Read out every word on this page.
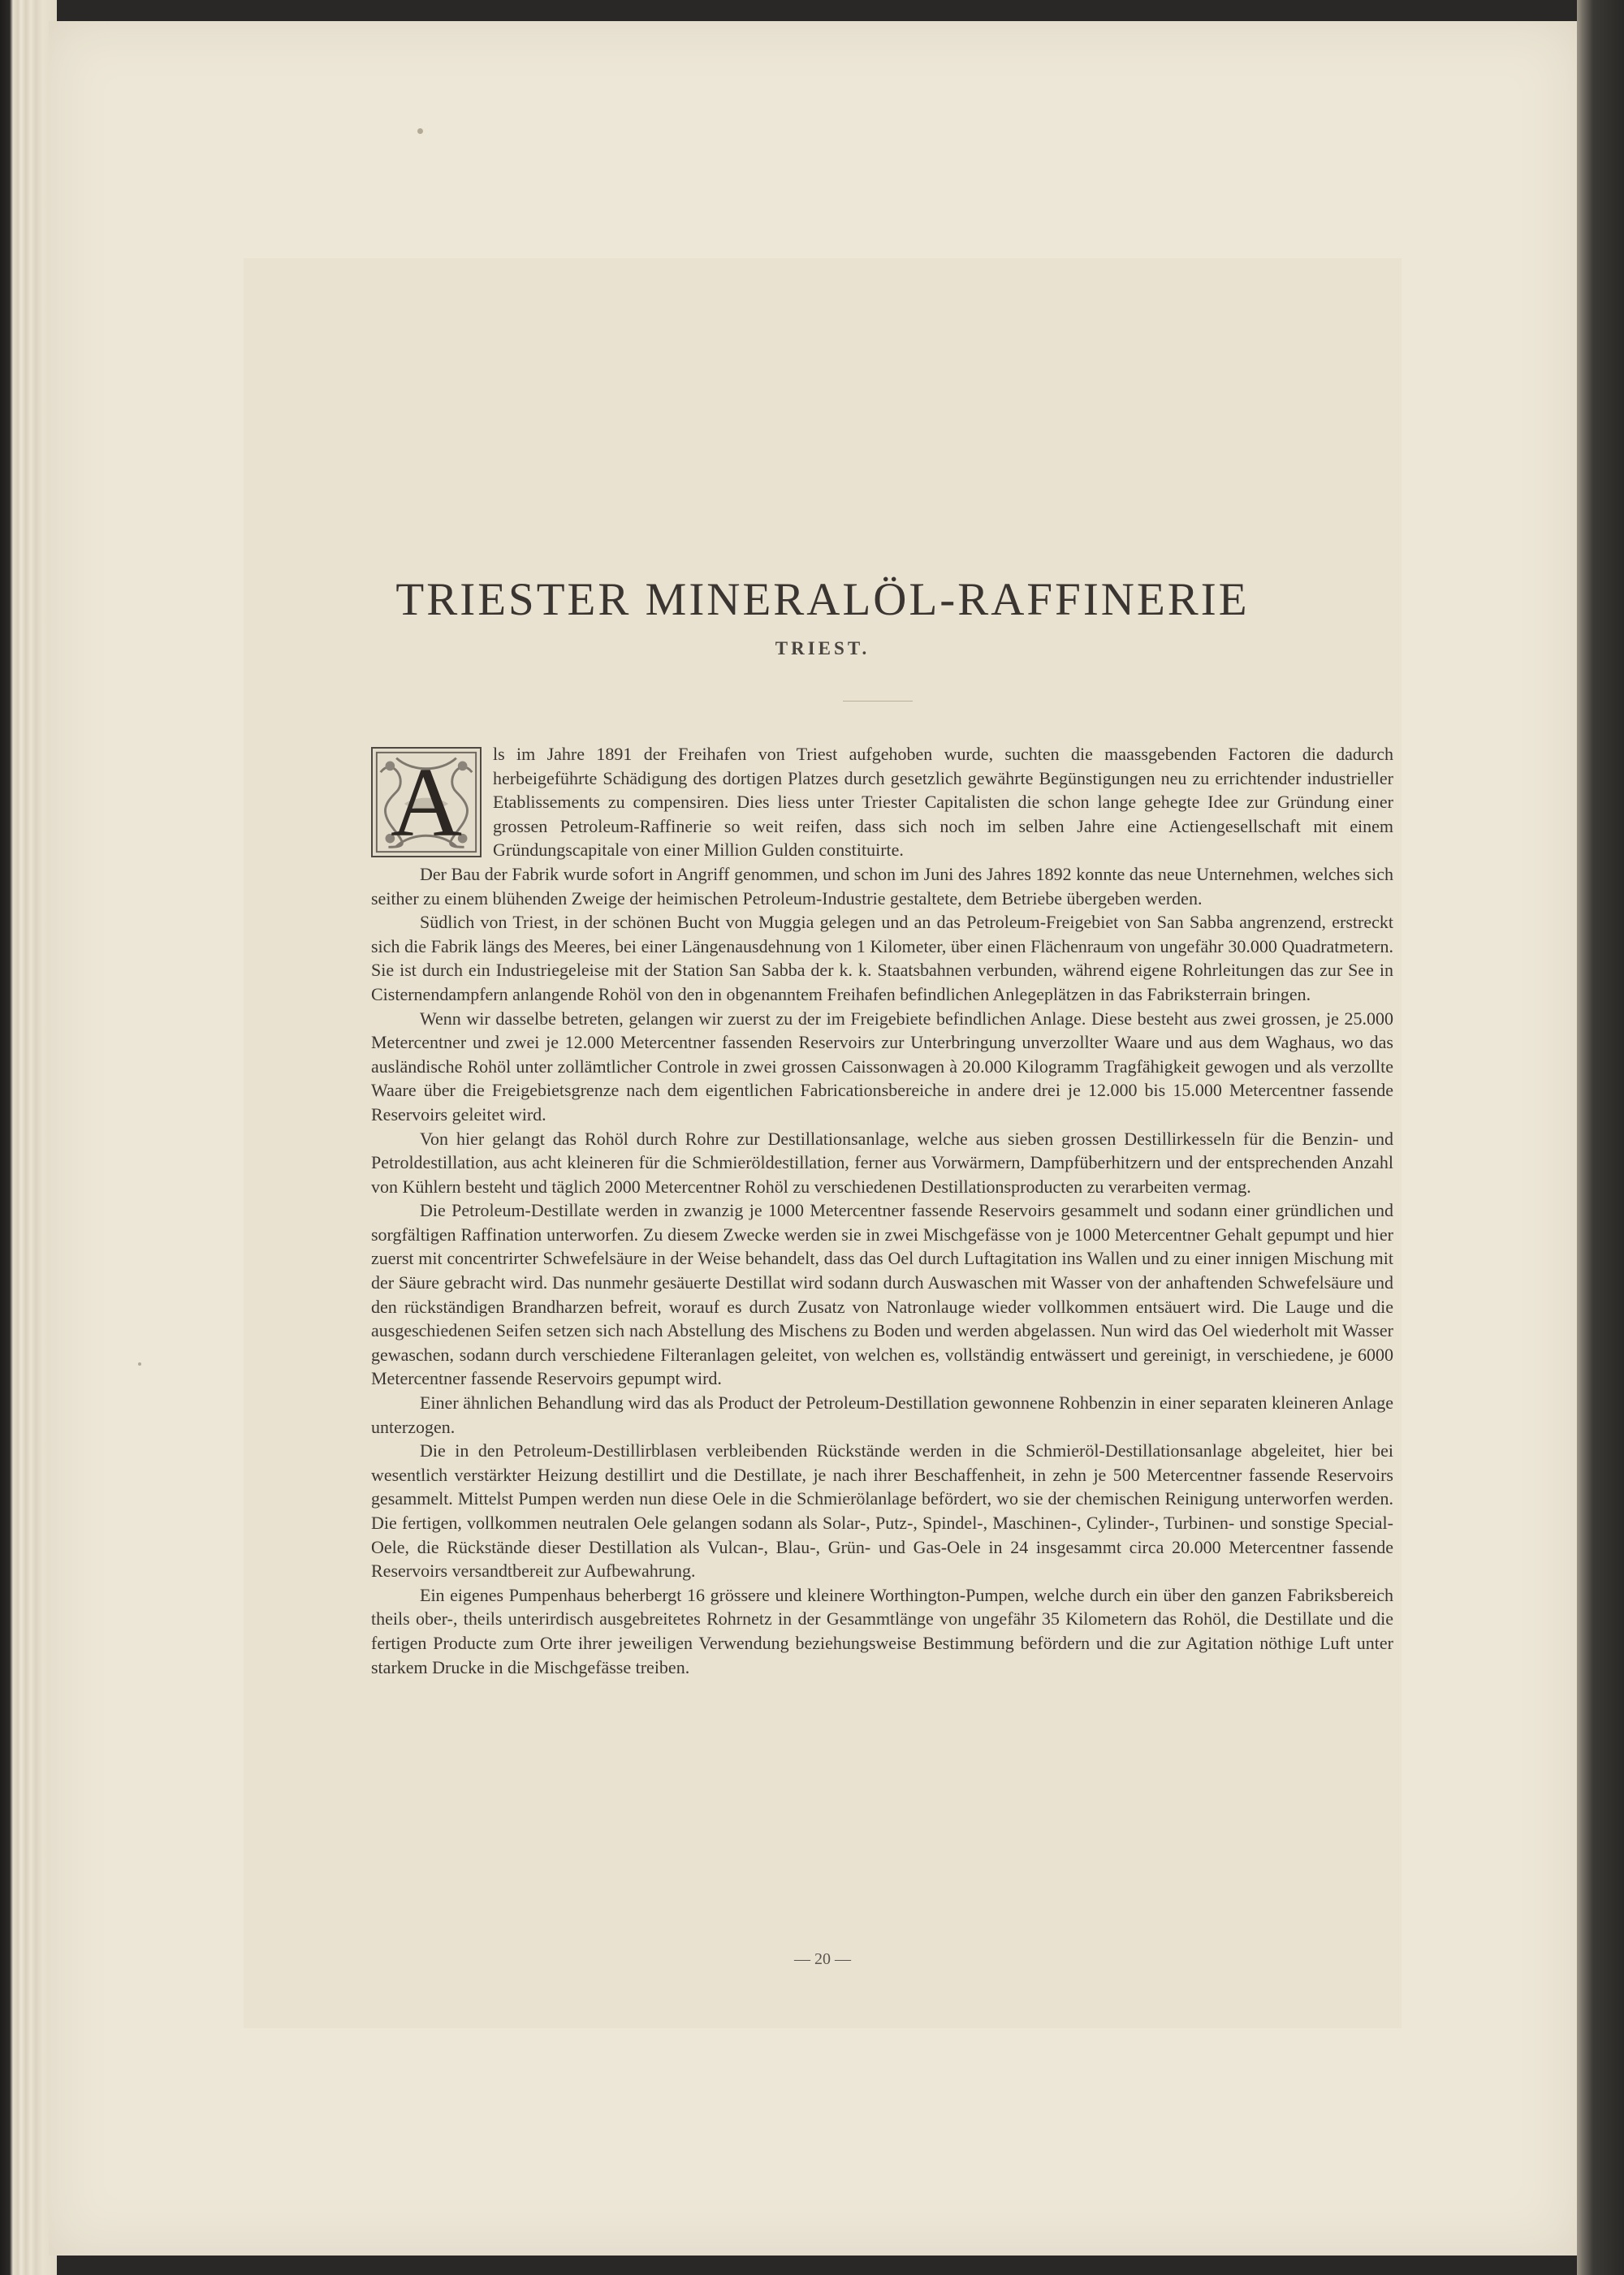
TRIESTER MINERALÖL-RAFFINERIE
TRIEST.

A	ls im Jahre 1891 der Freihafen von Triest aufgehoben wurde, suchten die maassgebenden Factoren die dadurch herbeigeführte Schädigung des dortigen Platzes durch gesetzlich gewährte Begünstigungen neu zu errichtender industrieller Etablissements zu compensiren. Dies liess unter Triester Capitalisten die schon lange gehegte Idee zur Gründung einer grossen Petroleum-Raffinerie so weit reifen, dass sich noch im selben Jahre eine Actiengesellschaft mit einem Gründungscapitale von einer Million Gulden constituirte.

Der Bau der Fabrik wurde sofort in Angriff genommen, und schon im Juni des Jahres 1892 konnte das neue Unternehmen, welches sich seither zu einem blühenden Zweige der heimischen Petroleum-Industrie gestaltete, dem Betriebe übergeben werden.

Südlich von Triest, in der schönen Bucht von Muggia gelegen und an das Petroleum-Freigebiet von San Sabba angrenzend, erstreckt sich die Fabrik längs des Meeres, bei einer Längenausdehnung von 1 Kilometer, über einen Flächenraum von ungefähr 30.000 Quadratmetern. Sie ist durch ein Industriegeleise mit der Station San Sabba der k. k. Staatsbahnen verbunden, während eigene Rohrleitungen das zur See in Cisternendampfern anlangende Rohöl von den in obgenanntem Freihafen befindlichen Anlegeplätzen in das Fabriksterrain bringen.

Wenn wir dasselbe betreten, gelangen wir zuerst zu der im Freigebiete befindlichen Anlage. Diese besteht aus zwei grossen, je 25.000 Metercentner und zwei je 12.000 Metercentner fassenden Reservoirs zur Unterbringung unverzollter Waare und aus dem Waghaus, wo das ausländische Rohöl unter zollämtlicher Controle in zwei grossen Caissonwagen à 20.000 Kilogramm Tragfähigkeit gewogen und als verzollte Waare über die Freigebietsgrenze nach dem eigentlichen Fabricationsbereiche in andere drei je 12.000 bis 15.000 Metercentner fassende Reservoirs geleitet wird.

Von hier gelangt das Rohöl durch Rohre zur Destillationsanlage, welche aus sieben grossen Destillirkesseln für die Benzin- und Petroldestillation, aus acht kleineren für die Schmieröldestillation, ferner aus Vorwärmern, Dampfüberhitzern und der entsprechenden Anzahl von Kühlern besteht und täglich 2000 Metercentner Rohöl zu verschiedenen Destillationsproducten zu verarbeiten vermag.

Die Petroleum-Destillate werden in zwanzig je 1000 Metercentner fassende Reservoirs gesammelt und sodann einer gründlichen und sorgfältigen Raffination unterworfen. Zu diesem Zwecke werden sie in zwei Mischgefässe von je 1000 Metercentner Gehalt gepumpt und hier zuerst mit concentrirter Schwefelsäure in der Weise behandelt, dass das Oel durch Luftagitation ins Wallen und zu einer innigen Mischung mit der Säure gebracht wird. Das nunmehr gesäuerte Destillat wird sodann durch Auswaschen mit Wasser von der anhaftenden Schwefelsäure und den rückständigen Brandharzen befreit, worauf es durch Zusatz von Natronlauge wieder vollkommen entsäuert wird. Die Lauge und die ausgeschiedenen Seifen setzen sich nach Abstellung des Mischens zu Boden und werden abgelassen. Nun wird das Oel wiederholt mit Wasser gewaschen, sodann durch verschiedene Filteranlagen geleitet, von welchen es, vollständig entwässert und gereinigt, in verschiedene, je 6000 Metercentner fassende Reservoirs gepumpt wird.

Einer ähnlichen Behandlung wird das als Product der Petroleum-Destillation gewonnene Rohbenzin in einer separaten kleineren Anlage unterzogen.

Die in den Petroleum-Destillirblasen verbleibenden Rückstände werden in die Schmieröl-Destillationsanlage abgeleitet, hier bei wesentlich verstärkter Heizung destillirt und die Destillate, je nach ihrer Beschaffenheit, in zehn je 500 Metercentner fassende Reservoirs gesammelt. Mittelst Pumpen werden nun diese Oele in die Schmierölanlage befördert, wo sie der chemischen Reinigung unterworfen werden. Die fertigen, vollkommen neutralen Oele gelangen sodann als Solar-, Putz-, Spindel-, Maschinen-, Cylinder-, Turbinen- und sonstige Special-Oele, die Rückstände dieser Destillation als Vulcan-, Blau-, Grün- und Gas-Oele in 24 insgesammt circa 20.000 Metercentner fassende Reservoirs versandtbereit zur Aufbewahrung.

Ein eigenes Pumpenhaus beherbergt 16 grössere und kleinere Worthington-Pumpen, welche durch ein über den ganzen Fabriksbereich theils ober-, theils unterirdisch ausgebreitetes Rohrnetz in der Gesammtlänge von ungefähr 35 Kilometern das Rohöl, die Destillate und die fertigen Producte zum Orte ihrer jeweiligen Verwendung beziehungsweise Bestimmung befördern und die zur Agitation nöthige Luft unter starkem Drucke in die Mischgefässe treiben.

— 20 —
